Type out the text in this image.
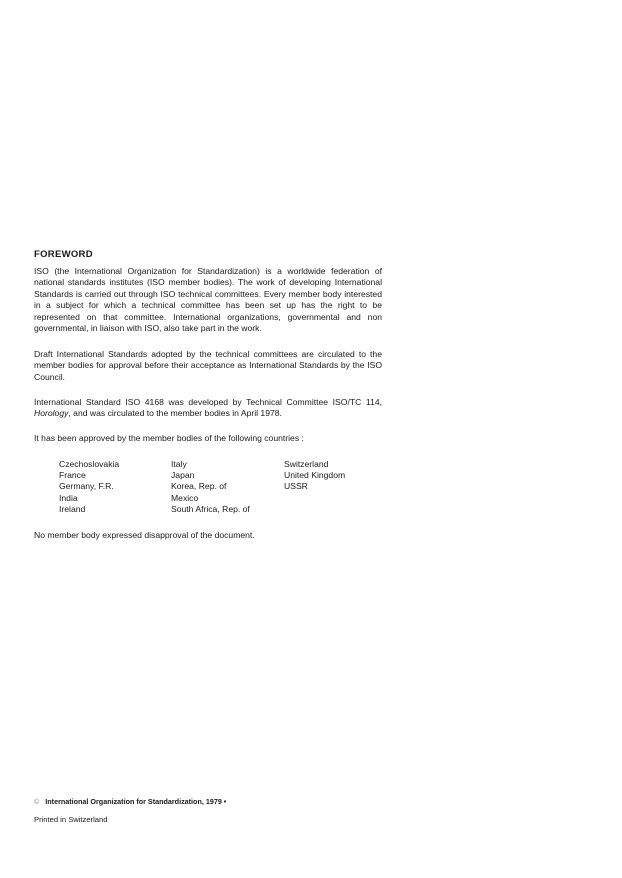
FOREWORD

ISO (the International Organization for Standardization) is a worldwide federation of national standards institutes (ISO member bodies). The work of developing International Standards is carried out through ISO technical committees. Every member body interested in a subject for which a technical committee has been set up has the right to be represented on that committee. International organizations, governmental and non governmental, in liaison with ISO, also take part in the work.

Draft International Standards adopted by the technical committees are circulated to the member bodies for approval before their acceptance as International Standards by the ISO Council.

International Standard ISO 4168 was developed by Technical Committee ISO/TC 114, Horology, and was circulated to the member bodies in April 1978.

It has been approved by the member bodies of the following countries :

Czechoslovakia	Italy	Switzerland
France	Japan	United Kingdom
Germany, F.R.	Korea, Rep. of	USSR
India	Mexico
Ireland	South Africa, Rep. of

No member body expressed disapproval of the document.

© International Organization for Standardization, 1979 •
Printed in Switzerland
